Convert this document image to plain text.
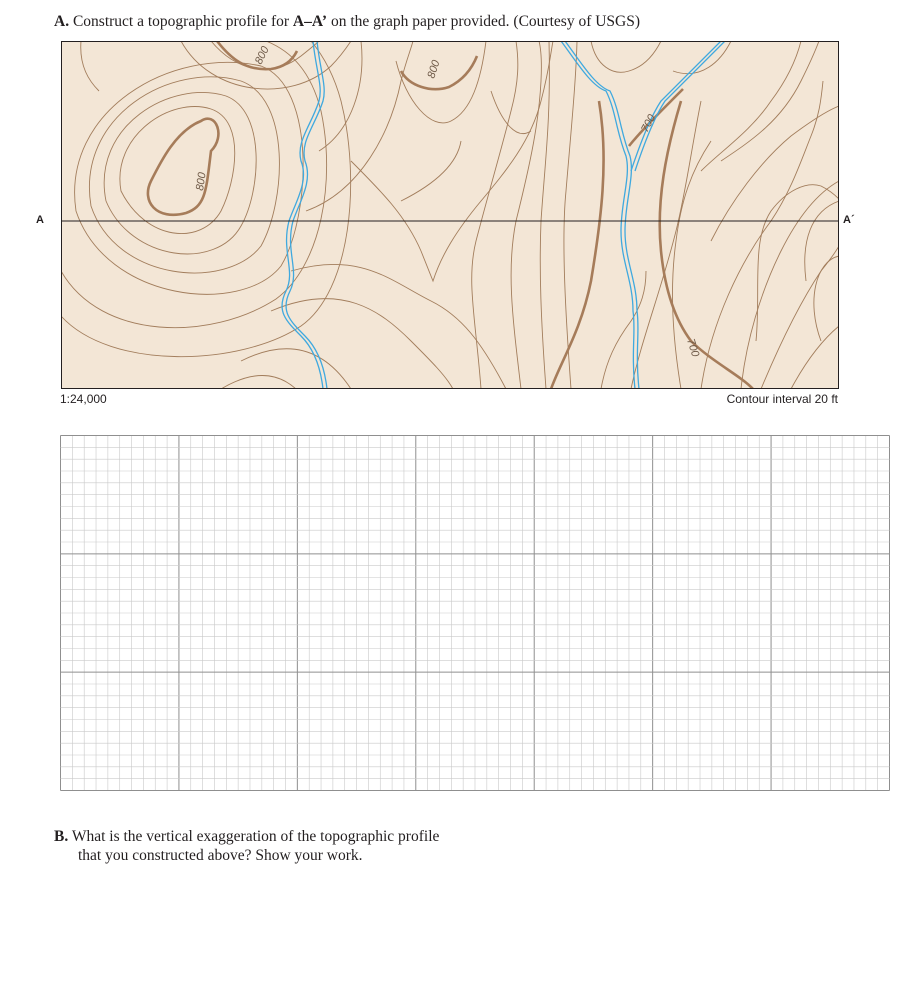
A. Construct a topographic profile for A–A’ on the graph paper provided. (Courtesy of USGS)
800
800
800
700
700
A	A´
1:24,000	Contour interval 20 ft
B. What is the vertical exaggeration of the topographic profile
that you constructed above? Show your work.
